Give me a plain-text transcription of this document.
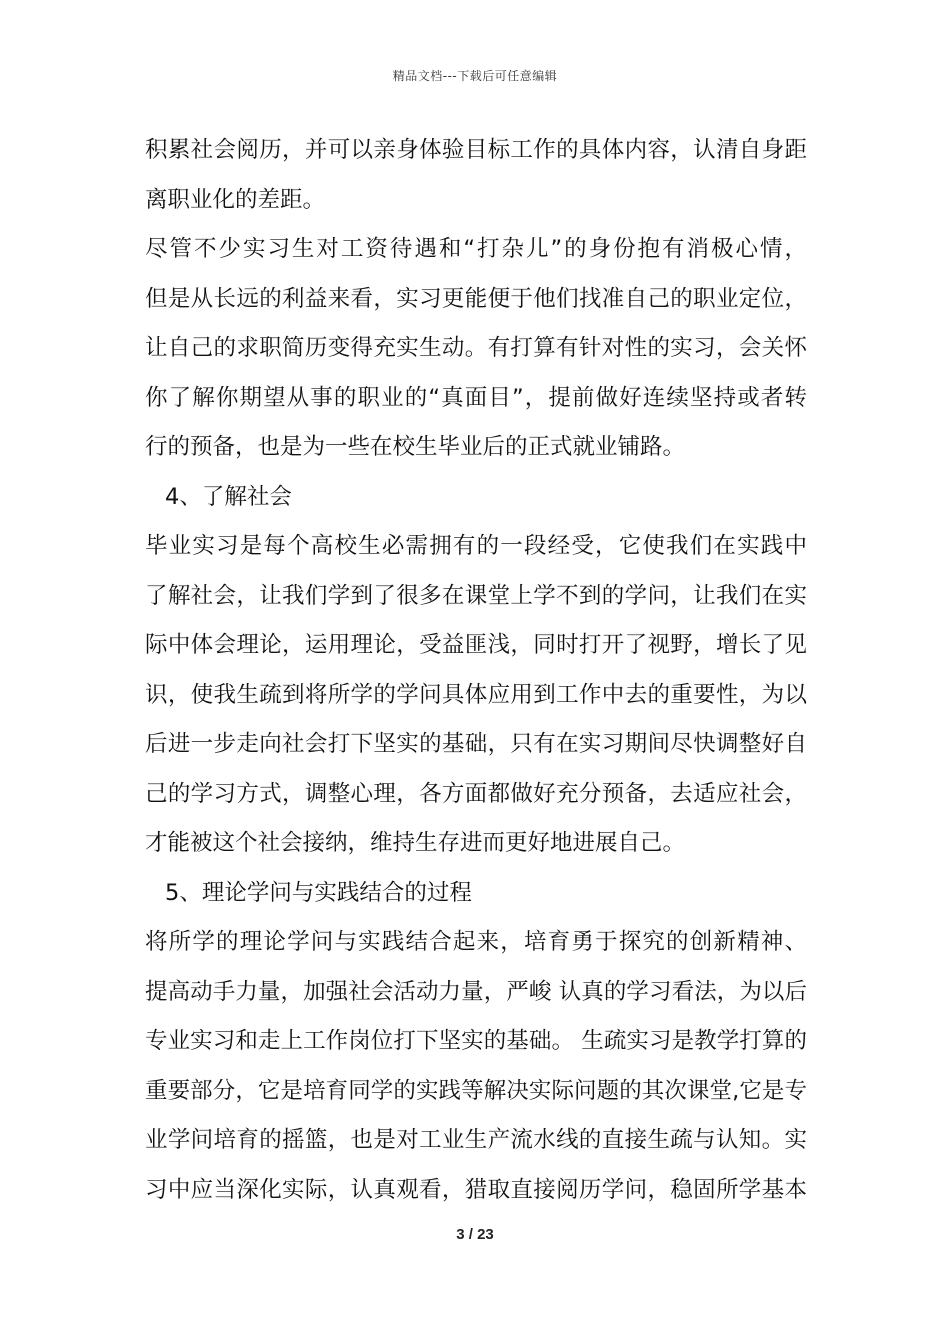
精品文档---下载后可任意编辑
积累社会阅历，并可以亲身体验目标工作的具体内容，认清自身距
离职业化的差距。
尽管不少实习生对工资待遇和“打杂儿”的身份抱有消极心情，
但是从长远的利益来看，实习更能便于他们找准自己的职业定位，
让自己的求职简历变得充实生动。有打算有针对性的实习，会关怀
你了解你期望从事的职业的“真面目”，提前做好连续坚持或者转
行的预备，也是为一些在校生毕业后的正式就业铺路。
4、了解社会
毕业实习是每个高校生必需拥有的一段经受，它使我们在实践中
了解社会，让我们学到了很多在课堂上学不到的学问，让我们在实
际中体会理论，运用理论，受益匪浅，同时打开了视野，增长了见
识，使我生疏到将所学的学问具体应用到工作中去的重要性，为以
后进一步走向社会打下坚实的基础，只有在实习期间尽快调整好自
己的学习方式，调整心理，各方面都做好充分预备，去适应社会，
才能被这个社会接纳，维持生存进而更好地进展自己。
5、理论学问与实践结合的过程
将所学的理论学问与实践结合起来，培育勇于探究的创新精神、
提高动手力量，加强社会活动力量，严峻 认真的学习看法，为以后
专业实习和走上工作岗位打下坚实的基础。 生疏实习是教学打算的
重要部分，它是培育同学的实践等解决实际问题的其次课堂,它是专
业学问培育的摇篮，也是对工业生产流水线的直接生疏与认知。实
习中应当深化实际，认真观看，猎取直接阅历学问，稳固所学基本
3 / 23
